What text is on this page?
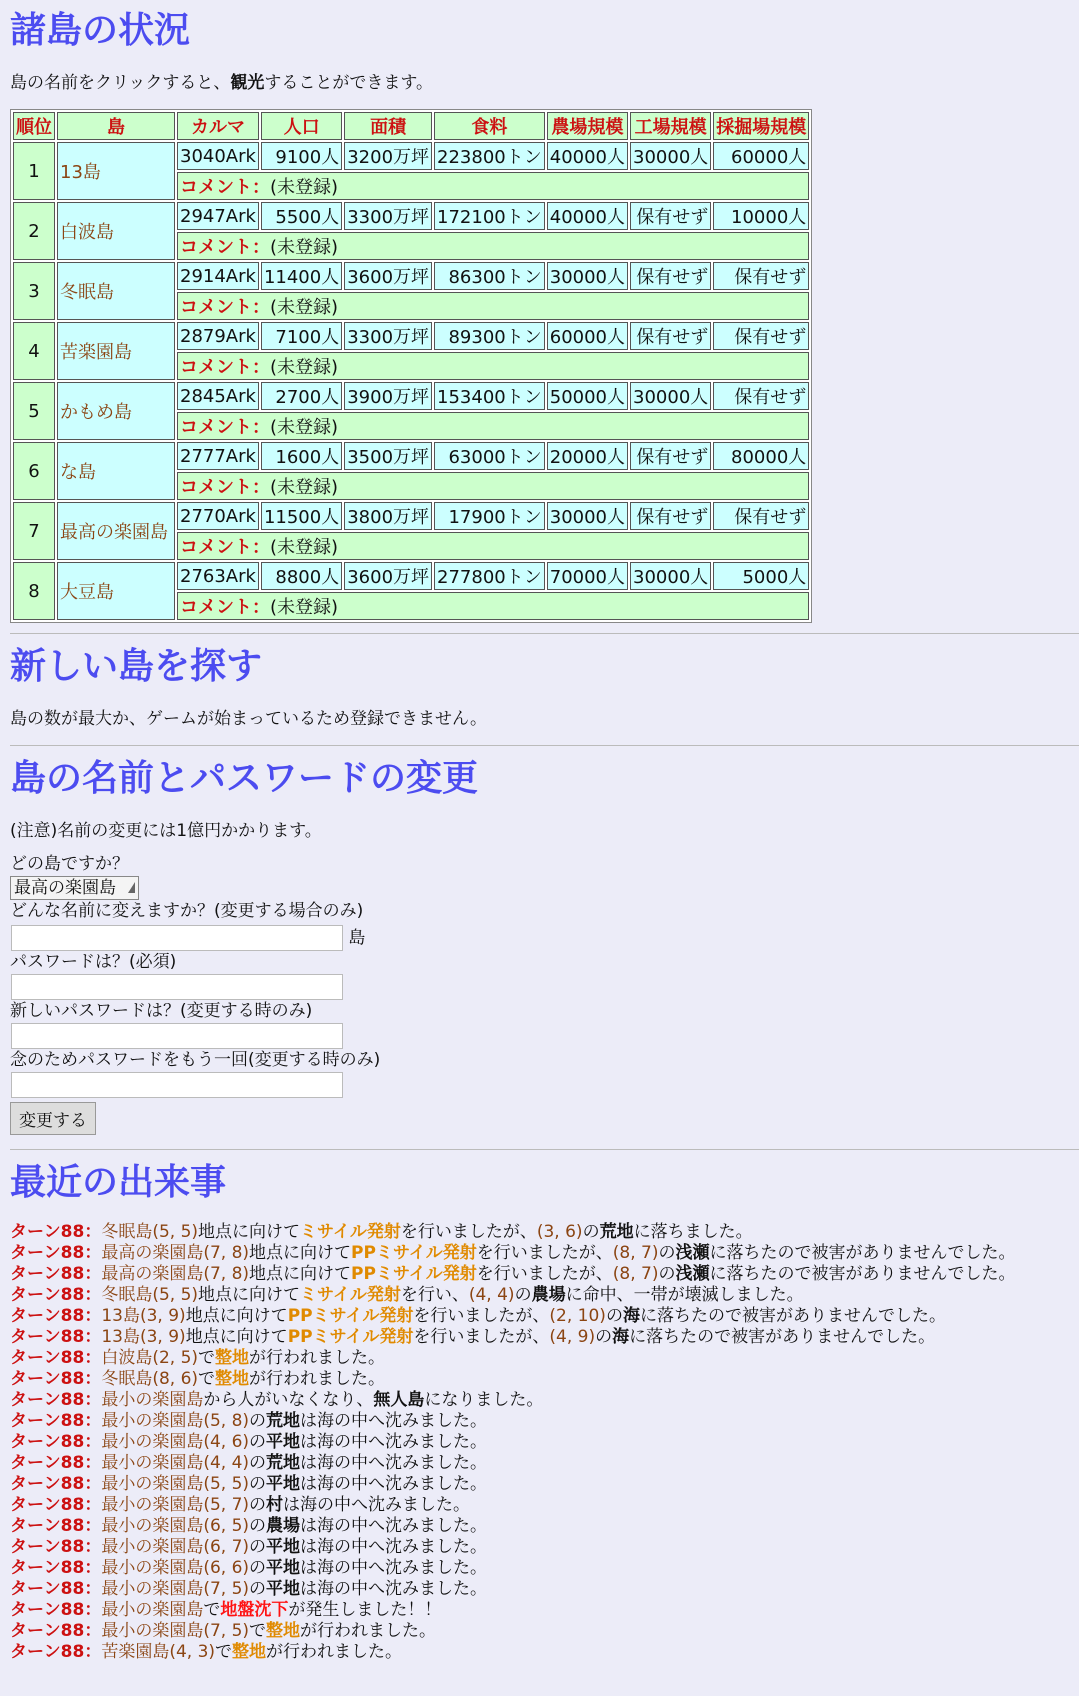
諸島の状況

島の名前をクリックすると、観光することができます。

順位	島	カルマ	人口	面積	食料	農場規模	工場規模	採掘場規模
1	13島	3040Ark	9100人	3200万坪	223800トン	40000人	30000人	60000人
		コメント：(未登録)						
2	白波島	2947Ark	5500人	3300万坪	172100トン	40000人	保有せず	10000人
		コメント：(未登録)						
3	冬眠島	2914Ark	11400人	3600万坪	86300トン	30000人	保有せず	保有せず
		コメント：(未登録)						
4	苦楽園島	2879Ark	7100人	3300万坪	89300トン	60000人	保有せず	保有せず
		コメント：(未登録)						
5	かもめ島	2845Ark	2700人	3900万坪	153400トン	50000人	30000人	保有せず
		コメント：(未登録)						
6	な島	2777Ark	1600人	3500万坪	63000トン	20000人	保有せず	80000人
		コメント：(未登録)						
7	最高の楽園島	2770Ark	11500人	3800万坪	17900トン	30000人	保有せず	保有せず
		コメント：(未登録)						
8	大豆島	2763Ark	8800人	3600万坪	277800トン	70000人	30000人	5000人
		コメント：(未登録)						
新しい島を探す

島の数が最大か、ゲームが始まっているため登録できません。

島の名前とパスワードの変更

(注意)名前の変更には1億円かかります。

どの島ですか？
最高の楽園島
どんな名前に変えますか？(変更する場合のみ)
島
パスワードは？(必須)
新しいパスワードは？(変更する時のみ)
念のためパスワードをもう一回(変更する時のみ)
変更する
最近の出来事
ターン88：冬眠島(5, 5)地点に向けてミサイル発射を行いましたが、(3, 6)の荒地に落ちました。
ターン88：最高の楽園島(7, 8)地点に向けてPPミサイル発射を行いましたが、(8, 7)の浅瀬に落ちたので被害がありませんでした。
ターン88：最高の楽園島(7, 8)地点に向けてPPミサイル発射を行いましたが、(8, 7)の浅瀬に落ちたので被害がありませんでした。
ターン88：冬眠島(5, 5)地点に向けてミサイル発射を行い、(4, 4)の農場に命中、一帯が壊滅しました。
ターン88：13島(3, 9)地点に向けてPPミサイル発射を行いましたが、(2, 10)の海に落ちたので被害がありませんでした。
ターン88：13島(3, 9)地点に向けてPPミサイル発射を行いましたが、(4, 9)の海に落ちたので被害がありませんでした。
ターン88：白波島(2, 5)で整地が行われました。
ターン88：冬眠島(8, 6)で整地が行われました。
ターン88：最小の楽園島から人がいなくなり、無人島になりました。
ターン88：最小の楽園島(5, 8)の荒地は海の中へ沈みました。
ターン88：最小の楽園島(4, 6)の平地は海の中へ沈みました。
ターン88：最小の楽園島(4, 4)の荒地は海の中へ沈みました。
ターン88：最小の楽園島(5, 5)の平地は海の中へ沈みました。
ターン88：最小の楽園島(5, 7)の村は海の中へ沈みました。
ターン88：最小の楽園島(6, 5)の農場は海の中へ沈みました。
ターン88：最小の楽園島(6, 7)の平地は海の中へ沈みました。
ターン88：最小の楽園島(6, 6)の平地は海の中へ沈みました。
ターン88：最小の楽園島(7, 5)の平地は海の中へ沈みました。
ターン88：最小の楽園島で地盤沈下が発生しました！！
ターン88：最小の楽園島(7, 5)で整地が行われました。
ターン88：苦楽園島(4, 3)で整地が行われました。
